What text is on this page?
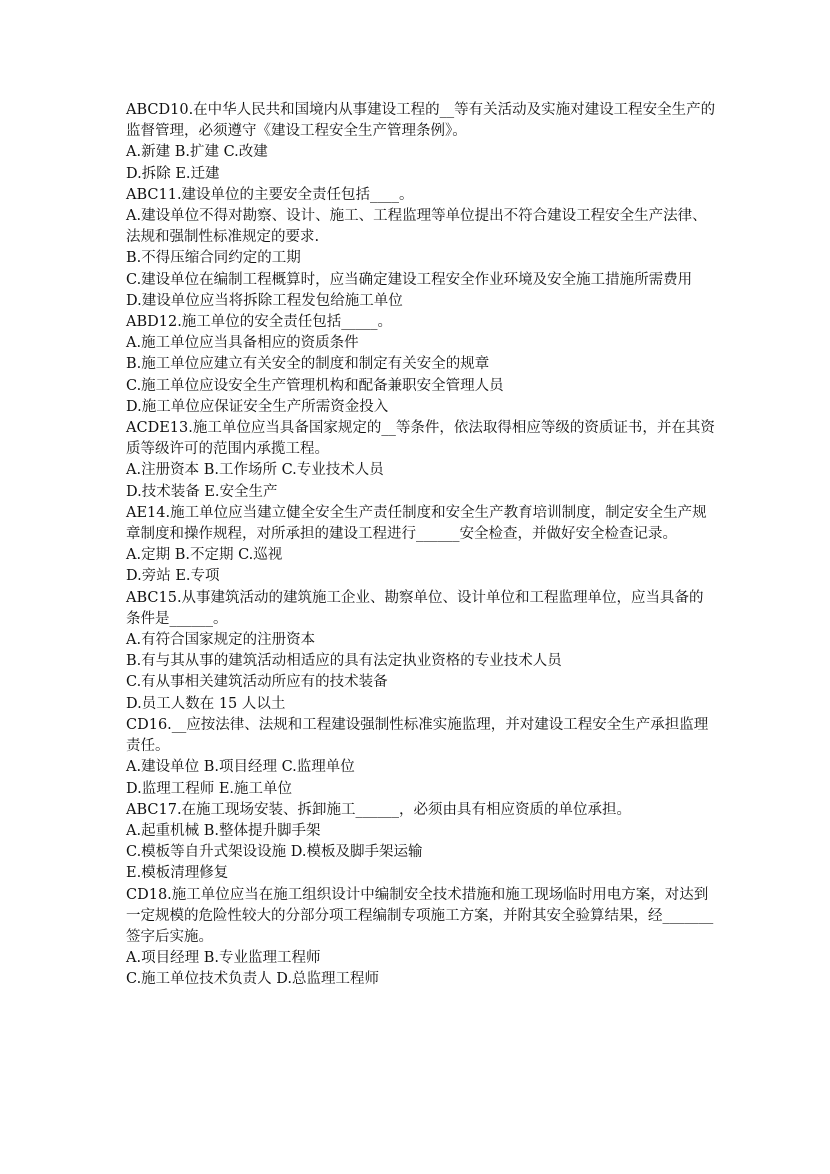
ABCD10.在中华人民共和国境内从事建设工程的__等有关活动及实施对建设工程安全生产的监督管理，必须遵守《建设工程安全生产管理条例》。

A.新建 B.扩建 C.改建

D.拆除 E.迁建

ABC11.建设单位的主要安全责任包括____。

A.建设单位不得对勘察、设计、施工、工程监理等单位提出不符合建设工程安全生产法律、法规和强制性标准规定的要求.

B.不得压缩合同约定的工期

C.建设单位在编制工程概算时，应当确定建设工程安全作业环境及安全施工措施所需费用

D.建设单位应当将拆除工程发包给施工单位

ABD12.施工单位的安全责任包括_____。

A.施工单位应当具备相应的资质条件

B.施工单位应建立有关安全的制度和制定有关安全的规章

C.施工单位应设安全生产管理机构和配备兼职安全管理人员

D.施工单位应保证安全生产所需资金投入

ACDE13.施工单位应当具备国家规定的__等条件，依法取得相应等级的资质证书，并在其资质等级许可的范围内承揽工程。

A.注册资本 B.工作场所 C.专业技术人员

D.技术装备 E.安全生产

AE14.施工单位应当建立健全安全生产责任制度和安全生产教育培训制度，制定安全生产规章制度和操作规程，对所承担的建设工程进行______安全检查，并做好安全检查记录。

A.定期 B.不定期 C.巡视

D.旁站 E.专项

ABC15.从事建筑活动的建筑施工企业、勘察单位、设计单位和工程监理单位，应当具备的条件是______。

A.有符合国家规定的注册资本

B.有与其从事的建筑活动相适应的具有法定执业资格的专业技术人员

C.有从事相关建筑活动所应有的技术装备

D.员工人数在 15 人以土

CD16.__应按法律、法规和工程建设强制性标准实施监理，并对建设工程安全生产承担监理责任。

A.建设单位 B.项目经理 C.监理单位

D.监理工程师 E.施工单位

ABC17.在施工现场安装、拆卸施工______，必须由具有相应资质的单位承担。

A.起重机械 B.整体提升脚手架

C.模板等自升式架设设施 D.模板及脚手架运输

E.模板清理修复

CD18.施工单位应当在施工组织设计中编制安全技术措施和施工现场临时用电方案，对达到一定规模的危险性较大的分部分项工程编制专项施工方案，并附其安全验算结果，经_______签字后实施。

A.项目经理 B.专业监理工程师

C.施工单位技术负责人 D.总监理工程师
